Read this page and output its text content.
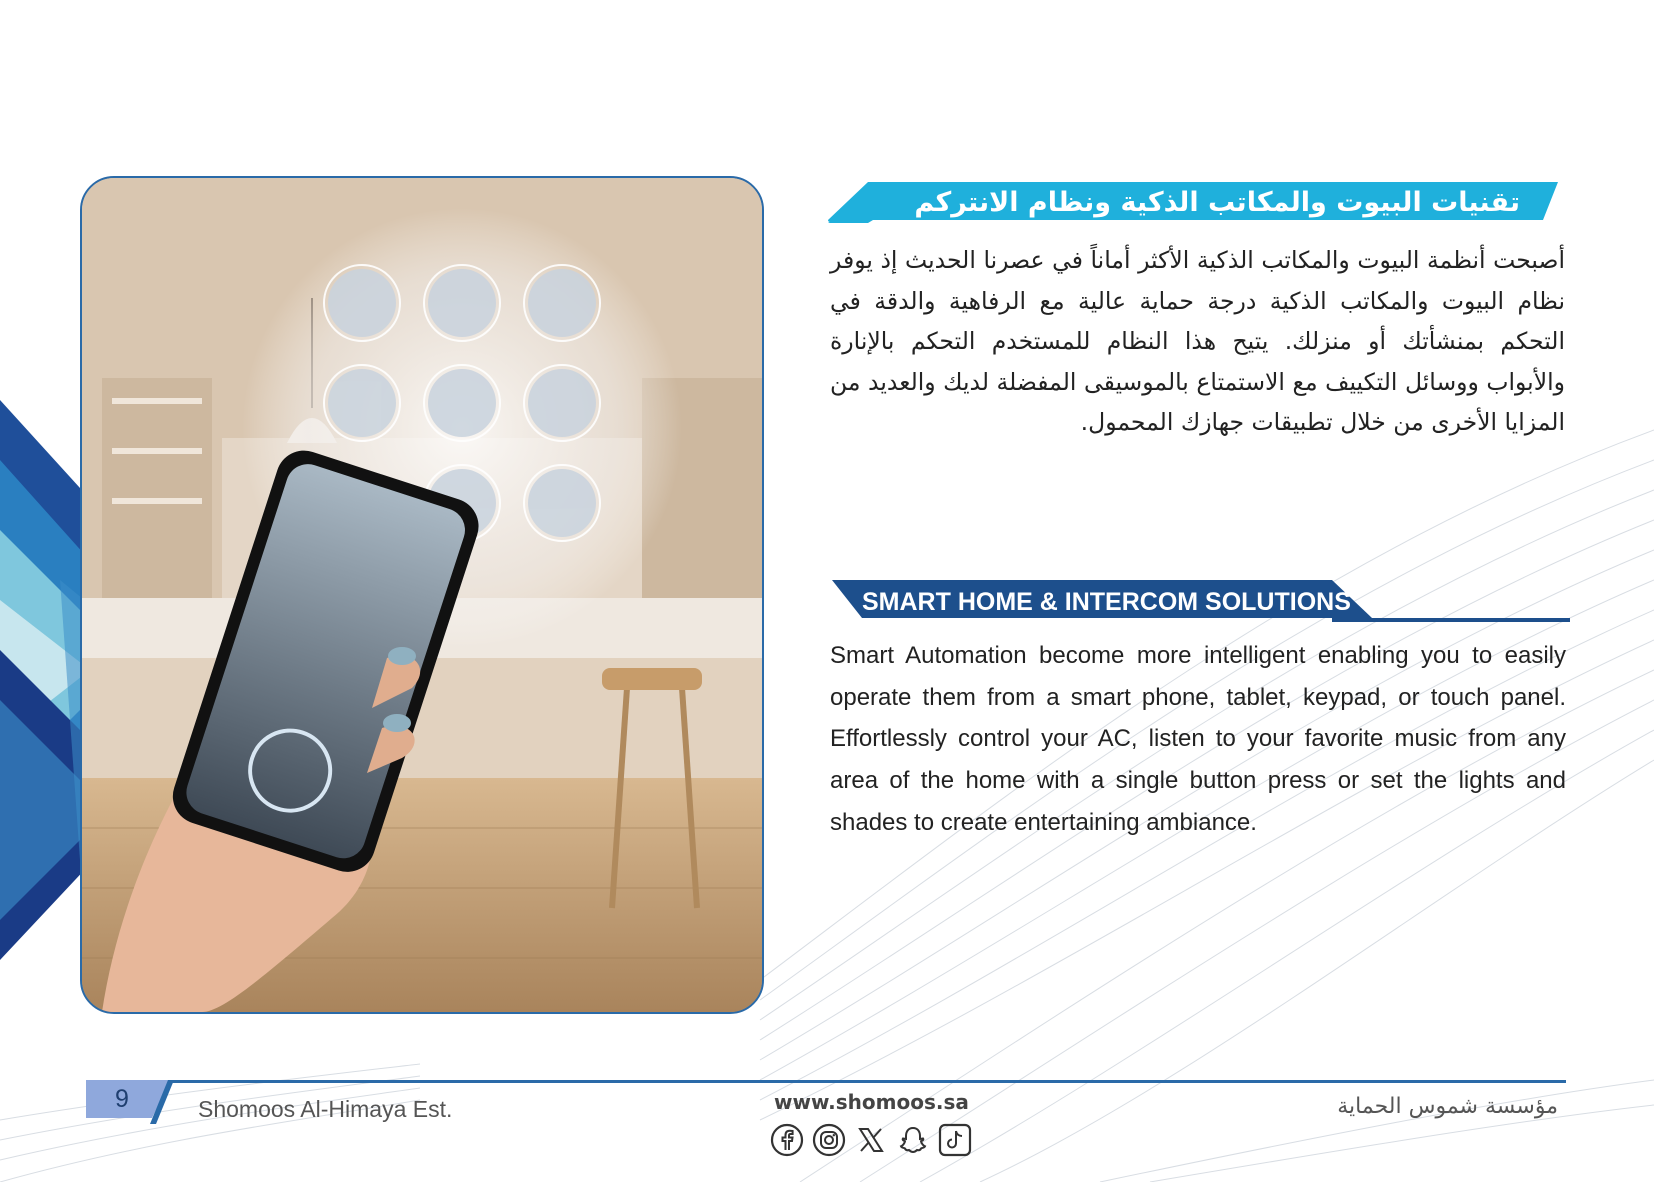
تقنيات البيوت والمكاتب الذكية ونظام الانتركم

أصبحت أنظمة البيوت والمكاتب الذكية الأكثر أماناً في عصرنا الحديث إذ يوفر نظام البيوت والمكاتب الذكية درجة حماية عالية مع الرفاهية والدقة في التحكم بمنشأتك أو منزلك. يتيح هذا النظام للمستخدم التحكم بالإنارة والأبواب ووسائل التكييف مع الاستمتاع بالموسيقى المفضلة لديك والعديد من المزايا الأخرى من خلال تطبيقات جهازك المحمول.

SMART HOME & INTERCOM SOLUTIONS

Smart Automation become more intelligent enabling you to easily operate them from a smart phone, tablet, keypad, or touch panel. Effortlessly control your AC, listen to your favorite music from any area of the home with a single button press or set the lights and shades to create entertaining ambiance.

9	Shomoos Al-Himaya Est.	مؤسسة شموس الحماية
www.shomoos.sa
